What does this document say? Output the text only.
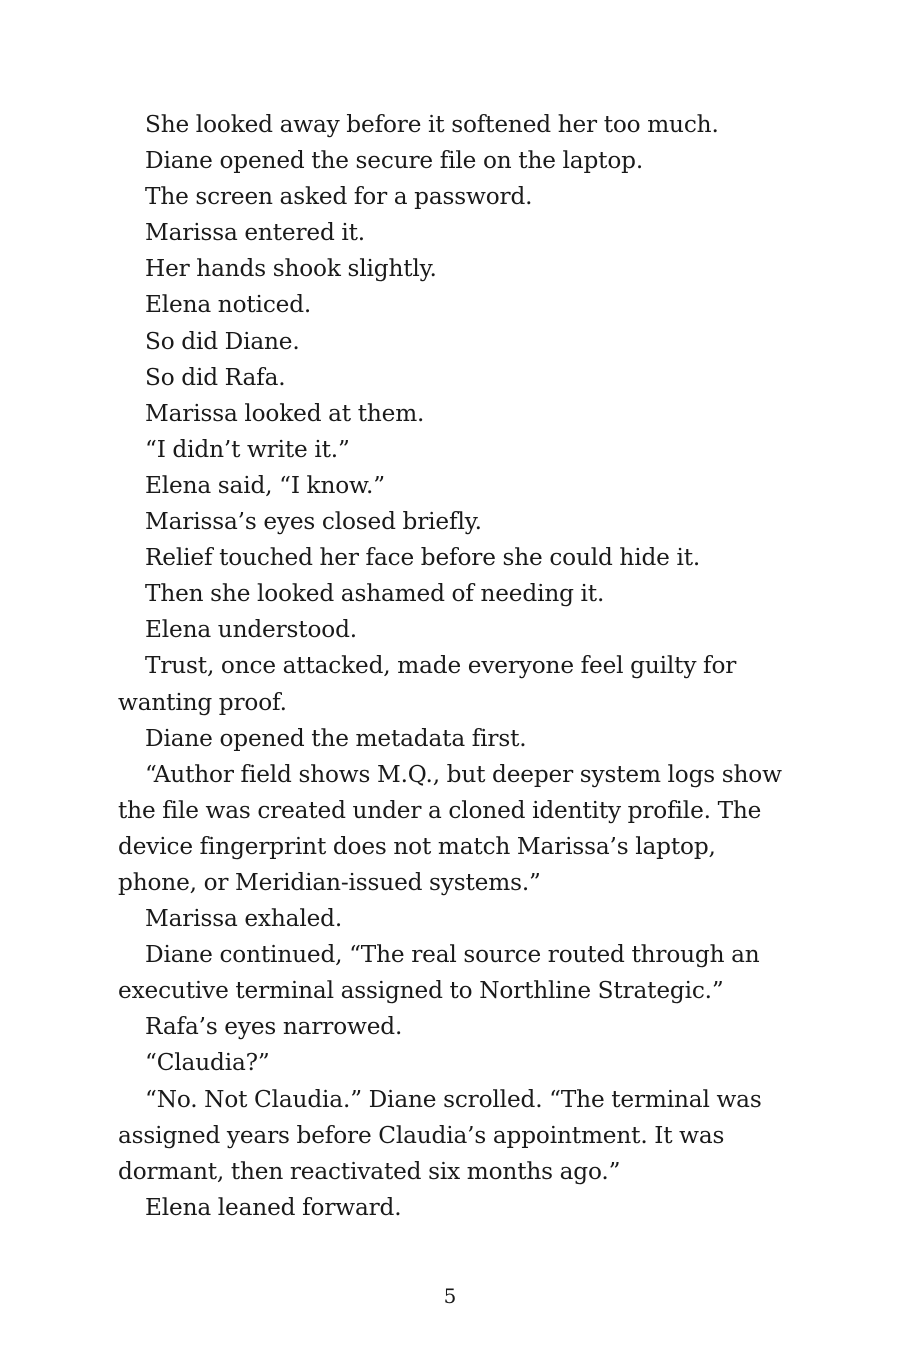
She looked away before it softened her too much.

Diane opened the secure file on the laptop.

The screen asked for a password.

Marissa entered it.

Her hands shook slightly.

Elena noticed.

So did Diane.

So did Rafa.

Marissa looked at them.

“I didn’t write it.”

Elena said, “I know.”

Marissa’s eyes closed briefly.

Relief touched her face before she could hide it.

Then she looked ashamed of needing it.

Elena understood.

Trust, once attacked, made everyone feel guilty for wanting proof.

Diane opened the metadata first.

“Author field shows M.Q., but deeper system logs show the file was created under a cloned identity profile. The device fingerprint does not match Marissa’s laptop, phone, or Meridian-issued systems.”

Marissa exhaled.

Diane continued, “The real source routed through an executive terminal assigned to Northline Strategic.”

Rafa’s eyes narrowed.

“Claudia?”

“No. Not Claudia.” Diane scrolled. “The terminal was assigned years before Claudia’s appointment. It was dormant, then reactivated six months ago.”

Elena leaned forward.

5
